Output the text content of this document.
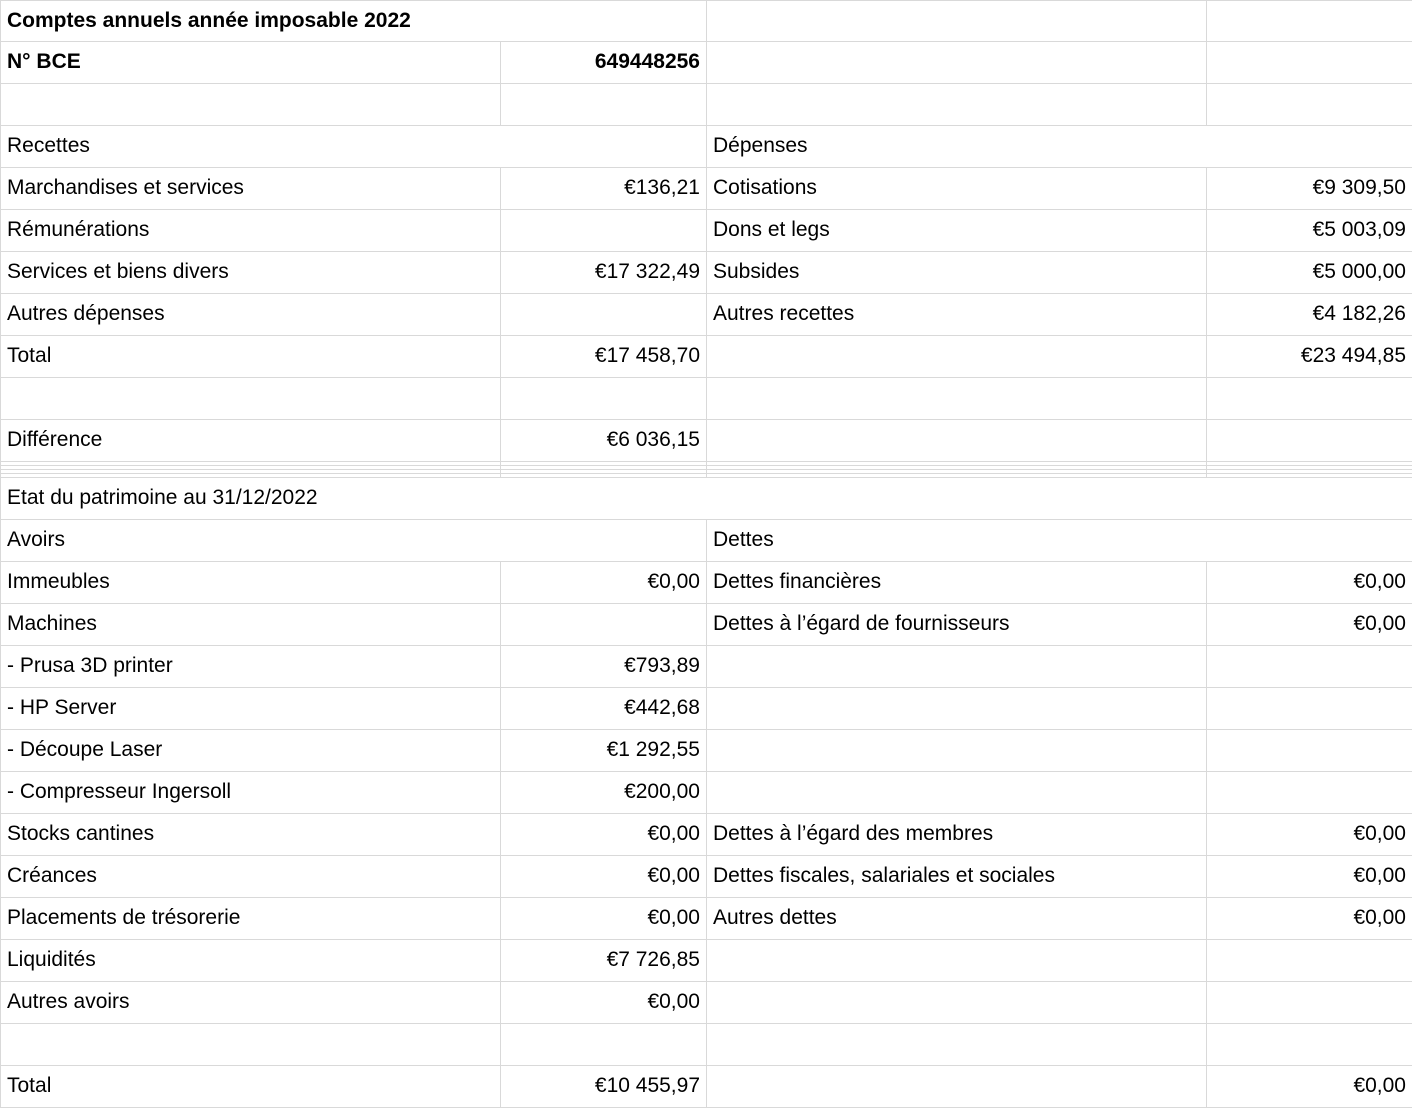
Comptes annuels année imposable 2022			
N° BCE	649448256		

Recettes		Dépenses	
Marchandises et services	€136,21	Cotisations	€9 309,50
Rémunérations		Dons et legs	€5 003,09
Services et biens divers	€17 322,49	Subsides	€5 000,00
Autres dépenses		Autres recettes	€4 182,26
Total	€17 458,70		€23 494,85

Différence	€6 036,15		

Etat du patrimoine au 31/12/2022			
Avoirs		Dettes	
Immeubles	€0,00	Dettes financières	€0,00
Machines		Dettes à l’égard de fournisseurs	€0,00
- Prusa 3D printer	€793,89		
- HP Server	€442,68		
- Découpe Laser	€1 292,55		
- Compresseur Ingersoll	€200,00		
Stocks cantines	€0,00	Dettes à l’égard des membres	€0,00
Créances	€0,00	Dettes fiscales, salariales et sociales	€0,00
Placements de trésorerie	€0,00	Autres dettes	€0,00
Liquidités	€7 726,85		
Autres avoirs	€0,00		

Total	€10 455,97		€0,00
